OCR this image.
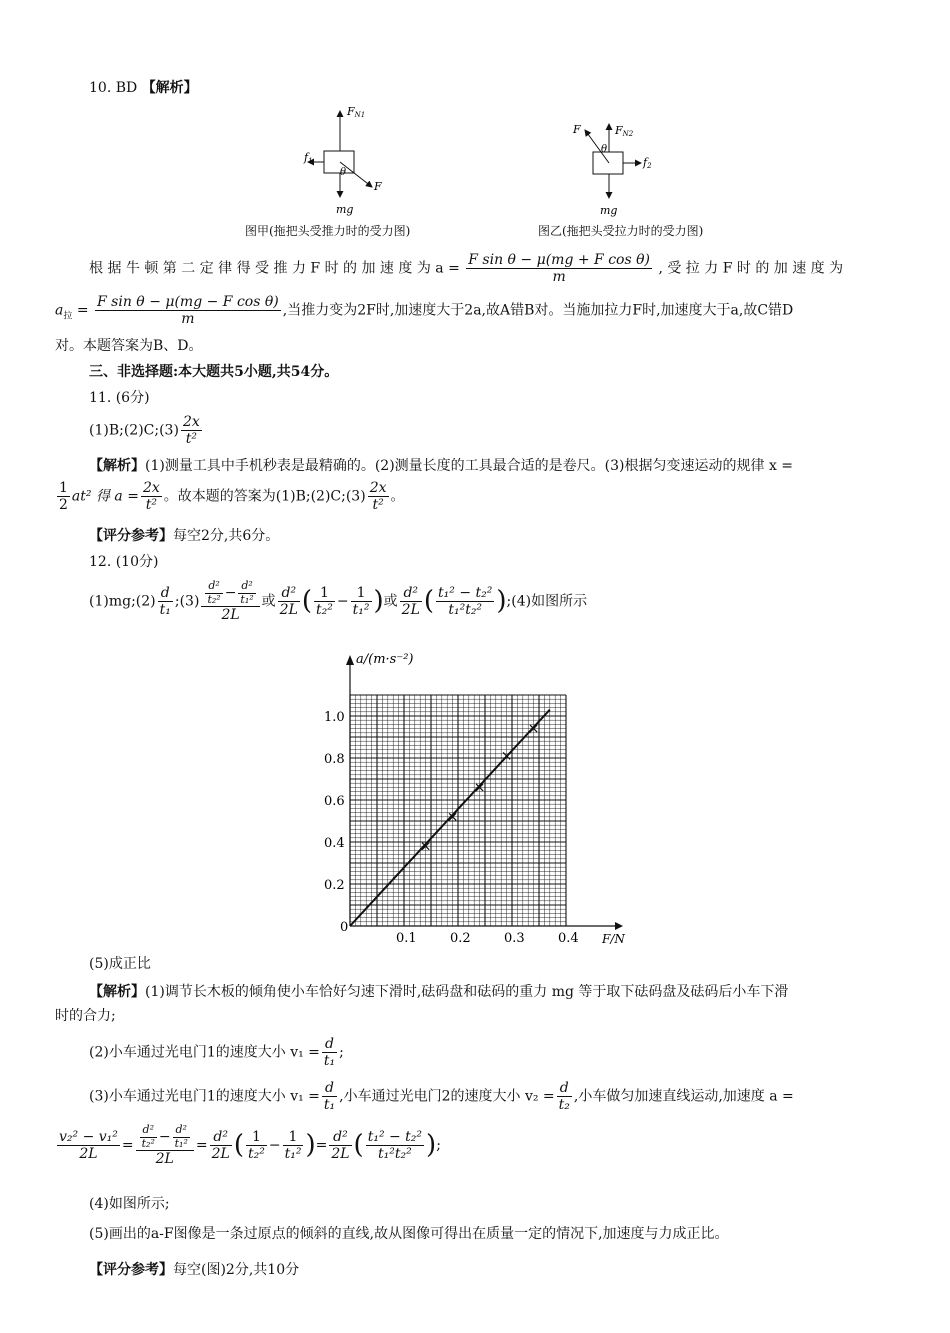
10. BD 【解析】
FN1
f1
θ
F
mg
图甲(拖把头受推力时的受力图)
FN2
f2
θ
F
mg
图乙(拖把头受拉力时的受力图)
根 据 牛 顿 第 二 定 律 得 受 推 力 F 时 的 加 速 度 为 $a = \frac{\text{F sin θ − μ(mg + F cos θ)}}{m}$ , 受 拉 力 F 时 的 加 速 度 为
$a_拉 = \frac{\text{F sin θ − μ(mg − F cos θ)}}{m}$ ,当推力变为2F时,加速度大于2a,故A错B对。当施加拉力F时,加速度大于a,故C错D
对。本题答案为B、D。
三、非选择题:本大题共5小题,共54分。
11. (6分)
(1)B;(2)C;(3) $\frac{2x}{\text{t²}}$
【解析】(1)测量工具中手机秒表是最精确的。(2)测量长度的工具最合适的是卷尺。(3)根据匀变速运动的规律 x =
$\frac{1}{2} at^2$ 得 $a = \frac{2x}{\text{t²}}$ 。故本题的答案为(1)B;(2)C;(3) $\frac{2x}{\text{t²}}$ 。
【评分参考】每空2分,共6分。
12. (10分)
(1)mg;(2) $\frac{d}{\text{t₁}}$ ;(3) $\frac{\frac{\text{d²}}{\text{t₂²}} - \frac{\text{d²}}{\text{t₁²}}}{2L}$ 或 $\frac{\text{d²}}{2L}$ ( $\frac{1}{\text{t₂²}} - \frac{1}{\text{t₁²}}$ )或 $\frac{\text{d²}}{2L}$ ( $\frac{\text{t₁² − t₂²}}{\text{t₁²t₂²}}$ );(4)如图所示
0.1	0.2	0.3	0.4
0.2
0.4
0.6
0.8
1.0
a/(m·s⁻²)
F/N
0
(5)成正比
【解析】(1)调节长木板的倾角使小车恰好匀速下滑时,砝码盘和砝码的重力 mg 等于取下砝码盘及砝码后小车下滑
时的合力;
(2)小车通过光电门1的速度大小 $v_1 = \frac{d}{\text{t₁}}$ ;
(3)小车通过光电门1的速度大小 $v_1 = \frac{d}{\text{t₁}}$ ,小车通过光电门2的速度大小 $v_2 = \frac{d}{\text{t₂}}$ ,小车做匀加速直线运动,加速度 a =
$\frac{\text{v₂² − v₁²}}{2L} = \frac{\frac{\text{d²}}{\text{t₂²}} - \frac{\text{d²}}{\text{t₁²}}}{2L} = \frac{\text{d²}}{2L}$ ( $\frac{1}{\text{t₂²}} - \frac{1}{\text{t₁²}}$ )= $\frac{\text{d²}}{2L}$ ( $\frac{\text{t₁² − t₂²}}{\text{t₁²t₂²}}$ );
(4)如图所示;
(5)画出的a-F图像是一条过原点的倾斜的直线,故从图像可得出在质量一定的情况下,加速度与力成正比。
【评分参考】每空(图)2分,共10分
